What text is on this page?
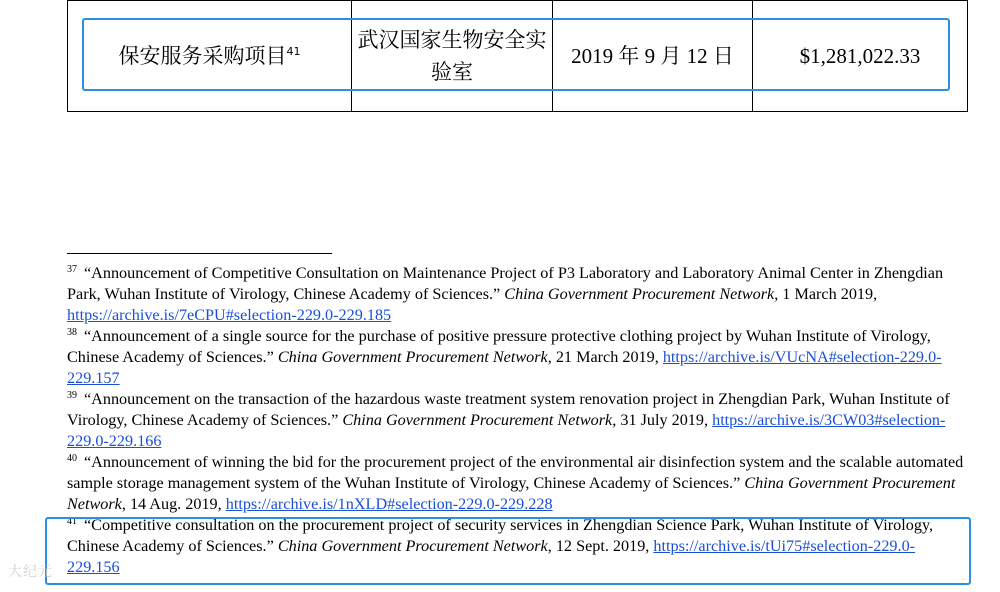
保安服务采购项目$^{41}$	武汉国家生物安全实验室	2019 年 9 月 12 日	$1,281,022.33

$^{37}$ “Announcement of Competitive Consultation on Maintenance Project of P3 Laboratory and Laboratory Animal Center in Zhengdian Park, Wuhan Institute of Virology, Chinese Academy of Sciences.” China Government Procurement Network, 1 March 2019, https://archive.is/7eCPU#selection-229.0-229.185

$^{38}$ “Announcement of a single source for the purchase of positive pressure protective clothing project by Wuhan Institute of Virology, Chinese Academy of Sciences.” China Government Procurement Network, 21 March 2019, https://archive.is/VUcNA#selection-229.0-229.157

$^{39}$ “Announcement on the transaction of the hazardous waste treatment system renovation project in Zhengdian Park, Wuhan Institute of Virology, Chinese Academy of Sciences.” China Government Procurement Network, 31 July 2019, https://archive.is/3CW03#selection-229.0-229.166

$^{40}$ “Announcement of winning the bid for the procurement project of the environmental air disinfection system and the scalable automated sample storage management system of the Wuhan Institute of Virology, Chinese Academy of Sciences.” China Government Procurement Network, 14 Aug. 2019, https://archive.is/1nXLD#selection-229.0-229.228

$^{41}$ “Competitive consultation on the procurement project of security services in Zhengdian Science Park, Wuhan Institute of Virology, Chinese Academy of Sciences.” China Government Procurement Network, 12 Sept. 2019, https://archive.is/tUi75#selection-229.0-229.156

大纪元
